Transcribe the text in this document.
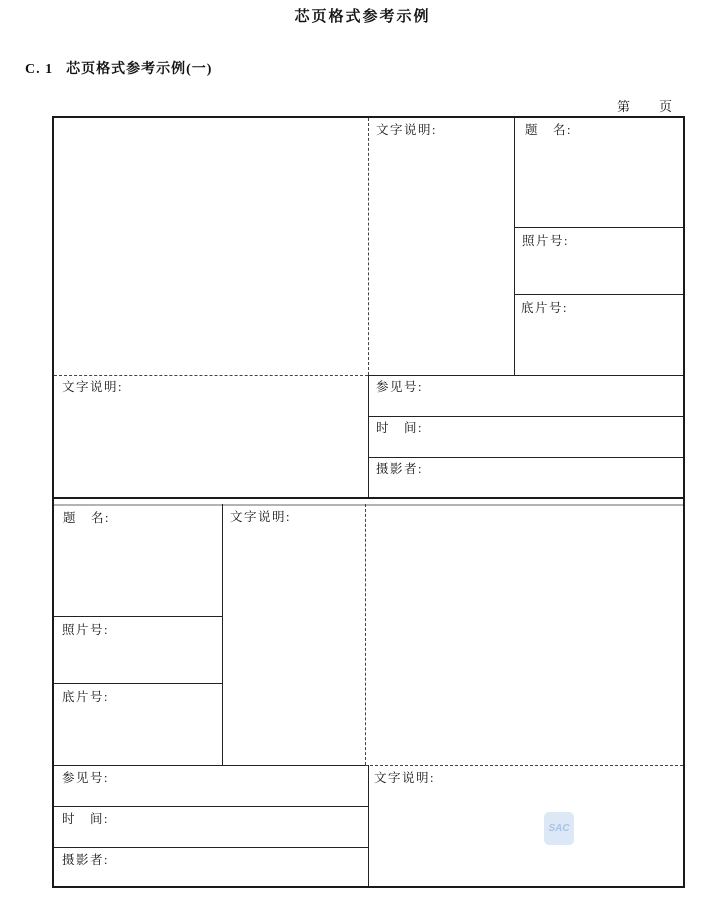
芯页格式参考示例
C. 1 芯页格式参考示例(一)
第　　页
文字说明:	题　名:
照片号:
底片号:
文字说明:	参见号:
时　间:
摄影者:
题　名:	文字说明:
照片号:
底片号:
参见号:
时　间:
摄影者:
文字说明:
SAC
